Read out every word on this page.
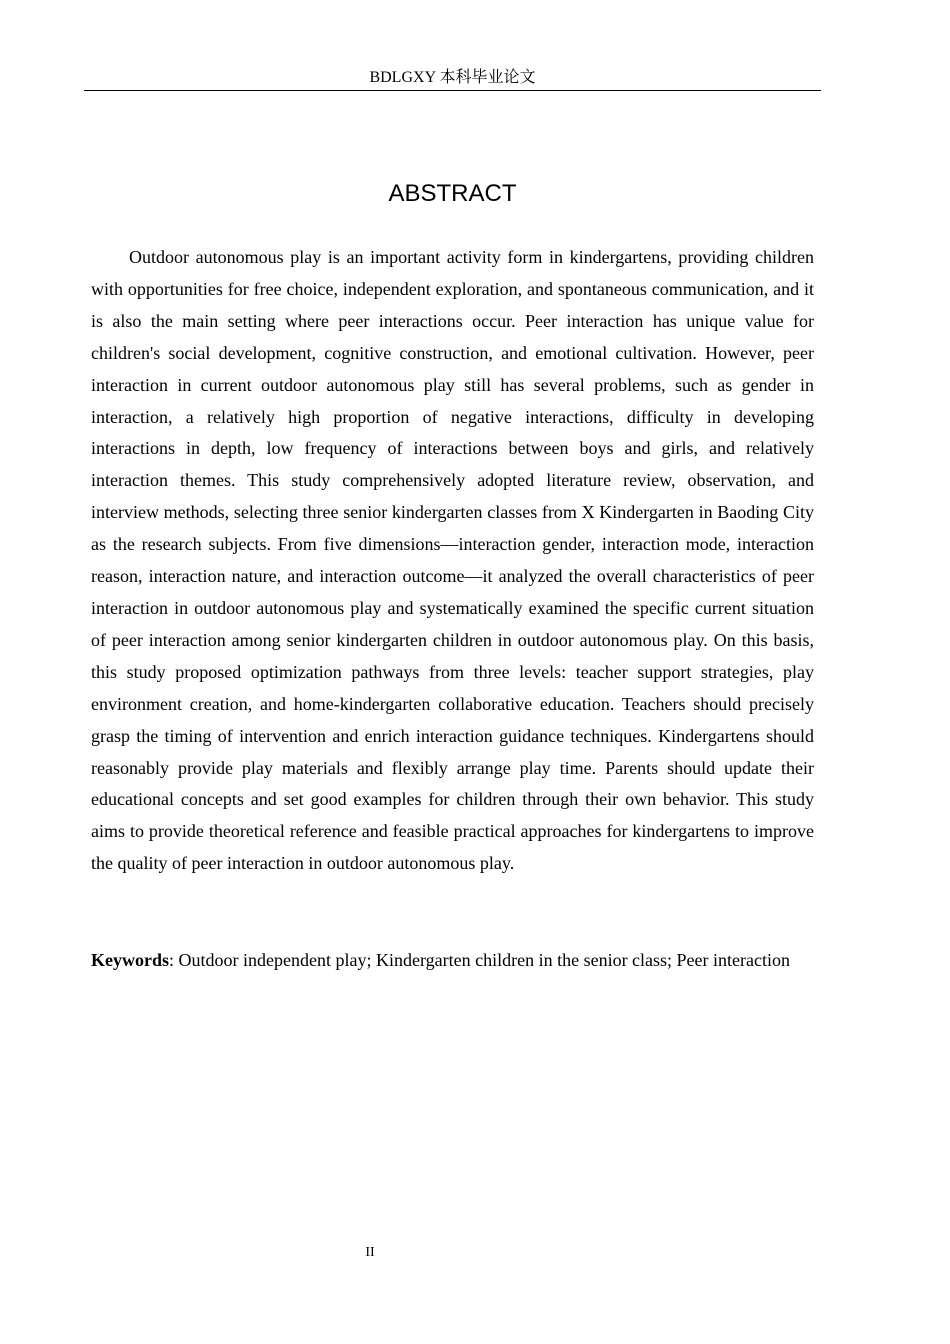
BDLGXY 本科毕业论文
ABSTRACT

Outdoor autonomous play is an important activity form in kindergartens, providing children with opportunities for free choice, independent exploration, and spontaneous communication, and it is also the main setting where peer interactions occur. Peer interaction has unique value for children's social development, cognitive construction, and emotional cultivation. However, peer interaction in current outdoor autonomous play still has several problems, such as gender in interaction, a relatively high proportion of negative interactions, difficulty in developing interactions in depth, low frequency of interactions between boys and girls, and relatively interaction themes. This study comprehensively adopted literature review, observation, and interview methods, selecting three senior kindergarten classes from X Kindergarten in Baoding City as the research subjects. From five dimensions—interaction gender, interaction mode, interaction reason, interaction nature, and interaction outcome—it analyzed the overall characteristics of peer interaction in outdoor autonomous play and systematically examined the specific current situation of peer interaction among senior kindergarten children in outdoor autonomous play. On this basis, this study proposed optimization pathways from three levels: teacher support strategies, play environment creation, and home-kindergarten collaborative education. Teachers should precisely grasp the timing of intervention and enrich interaction guidance techniques. Kindergartens should reasonably provide play materials and flexibly arrange play time. Parents should update their educational concepts and set good examples for children through their own behavior. This study aims to provide theoretical reference and feasible practical approaches for kindergartens to improve the quality of peer interaction in outdoor autonomous play.

Keywords: Outdoor independent play; Kindergarten children in the senior class; Peer interaction

II
